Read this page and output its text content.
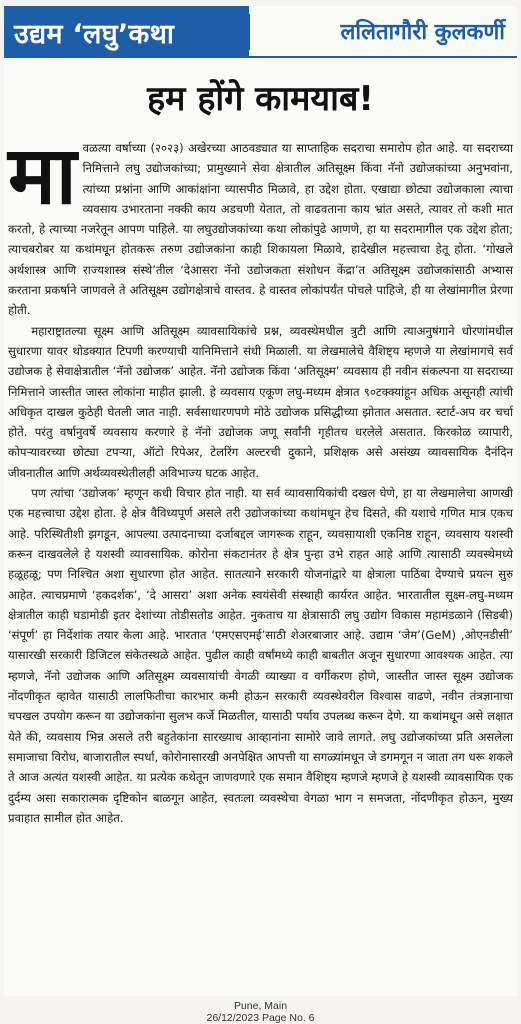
उद्यम ‘लघु’कथा	ललितागौरी कुलकर्णी
हम होंगे कामयाब!

मावळत्या वर्षाच्या (२०२३) अखेरच्या आठवड्यात या साप्ताहिक सदराचा समारोप होत आहे. या सदराच्या निमित्ताने लघु उद्योजकांच्या; प्रामुख्याने सेवा क्षेत्रातील अतिसूक्ष्म किंवा नॅनो उद्योजकांच्या अनुभवांना, त्यांच्या प्रश्नांना आणि आकांक्षांना व्यासपीठ मिळावे, हा उद्देश होता. एखाद्या छोट्या उद्योजकाला त्याचा व्यवसाय उभारताना नक्की काय अडचणी येतात, तो वाढवताना काय भ्रांत असते, त्यावर तो कशी मात करतो, हे त्याच्या नजरेतून आपण पाहिले. या लघुउद्योजकांच्या कथा लोकांपुढे आणणे, हा या सदरामागील एक उद्देश होता; त्याचबरोबर या कथांमधून होतकरू तरुण उद्योजकांना काही शिकायला मिळावे, हादेखील महत्त्वाचा हेतू होता. ‘गोखले अर्थशास्त्र आणि राज्यशास्त्र संस्थे’तील ‘देआसरा नॅनो उद्योजकता संशोधन केंद्रा’त अतिसूक्ष्म उद्योजकांसाठी अभ्यास करताना प्रकर्षाने जाणवले ते अतिसूक्ष्म उद्योगक्षेत्राचे वास्तव. हे वास्तव लोकांपर्यंत पोचले पाहिजे, ही या लेखांमागील प्रेरणा होती.

महाराष्ट्रातल्या सूक्ष्म आणि अतिसूक्ष्म व्यावसायिकांचे प्रश्न, व्यवस्थेमधील त्रुटी आणि त्याअनुषंगाने धोरणांमधील सुधारणा यावर थोडक्यात टिपणी करण्याची यानिमित्ताने संधी मिळाली. या लेखमालेचे वैशिष्ट्य म्हणजे या लेखांमागचे सर्व उद्योजक हे सेवाक्षेत्रातील ‘नॅनो उद्योजक’ आहेत. नॅनो उद्योजक किंवा ‘अतिसूक्ष्म’ व्यवसाय ही नवीन संकल्पना या सदराच्या निमित्ताने जास्तीत जास्त लोकांना माहीत झाली. हे व्यवसाय एकूण लघु-मध्यम क्षेत्रात ९०टक्क्यांहून अधिक असूनही त्यांची अधिकृत दाखल कुठेही घेतली जात नाही. सर्वसाधारणपणे मोठे उद्योजक प्रसिद्धीच्या झोतात असतात. स्टार्ट-अप वर चर्चा होते. परंतु वर्षानुवर्षे व्यवसाय करणारे हे नॅनो उद्योजक जणू सर्वांनी गृहीतच धरलेले असतात. किरकोळ व्यापारी, कोपऱ्यावरच्या छोट्या टपऱ्या, ऑटो रिपेअर, टेलरिंग अल्टरची दुकाने, प्रशिक्षक असे असंख्य व्यावसायिक दैनंदिन जीवनातील आणि अर्थव्यवस्थेतीलही अविभाज्य घटक आहेत.

पण त्यांचा ‘उद्योजक’ म्हणून कधी विचार होत नाही. या सर्व व्यावसायिकांची दखल घेणे, हा या लेखमालेचा आणखी एक महत्त्वाचा उद्देश होता. हे क्षेत्र वैविध्यपूर्ण असले तरी उद्योजकांच्या कथांमधून हेच दिसते, की यशाचे गणित मात्र एकच आहे. परिस्थितीशी झगडून, आपल्या उत्पादनाच्या दर्जाबद्दल जागरूक राहून, व्यवसायाशी एकनिष्ठ राहून, व्यवसाय यशस्वी करून दाखवलेले हे यशस्वी व्यावसायिक. कोरोना संकटानंतर हे क्षेत्र पुन्हा उभे राहत आहे आणि त्यासाठी व्यवस्थेमध्ये हळूहळू; पण निश्चित अशा सुधारणा होत आहेत. सातत्याने सरकारी योजनांद्वारे या क्षेत्राला पाठिंबा देण्याचे प्रयत्न सुरु आहेत. त्याचप्रमाणे ‘हकदर्शक’, ‘दे आसरा’ अशा अनेक स्वयंसेवी संस्थाही कार्यरत आहेत. भारतातील सूक्ष्म-लघु-मध्यम क्षेत्रातील काही घडामोडी इतर देशांच्या तोडीसतोड आहेत. नुकताच या क्षेत्रासाठी लघु उद्योग विकास महामंडळाने (सिडबी) ‘संपूर्ण’ हा निर्देशांक तयार केला आहे. भारतात ‘एमएसएमई’साठी शेअरबाजार आहे. उद्याम ‘जेम’(GeM) ,ओएनडीसी’ यासारखी सरकारी डिजिटल संकेतस्थळे आहेत. पुढील काही वर्षांमध्ये काही बाबतीत अजून सुधारणा आवश्यक आहेत. त्या म्हणजे, नॅनो उद्योजक आणि अतिसूक्ष्म व्यवसायांची वेगळी व्याख्या व वर्गीकरण होणे, जास्तीत जास्त सूक्ष्म उद्योजक नोंदणीकृत व्हावेत यासाठी लालफितीचा कारभार कमी होऊन सरकारी व्यवस्थेवरील विश्वास वाढणे, नवीन तंत्रज्ञानाचा चपखल उपयोग करून या उद्योजकांना सुलभ कर्जे मिळतील, यासाठी पर्याय उपलब्ध करून देणे. या कथांमधून असे लक्षात येते की, व्यवसाय भिन्न असले तरी बहुतेकांना सारख्याच आव्हानांना सामोरे जावे लागते. लघु उद्योजकांच्या प्रति असलेला समाजाचा विरोध, बाजारातील स्पर्धा, कोरोनासारखी अनपेक्षित आपत्ती या सगळ्यांमधून जे डगमगून न जाता तग धरू शकले ते आज अत्यंत यशस्वी आहेत. या प्रत्येक कथेतून जाणवणारे एक समान वैशिष्ट्य म्हणजे म्हणजे हे यशस्वी व्यावसायिक एक दुर्दम्य असा सकारात्मक दृष्टिकोन बाळगून आहेत, स्वतःला व्यवस्थेचा वेगळा भाग न समजता, नोंदणीकृत होऊन, मुख्य प्रवाहात सामील होत आहेत.

Pune, Main
26/12/2023 Page No. 6
